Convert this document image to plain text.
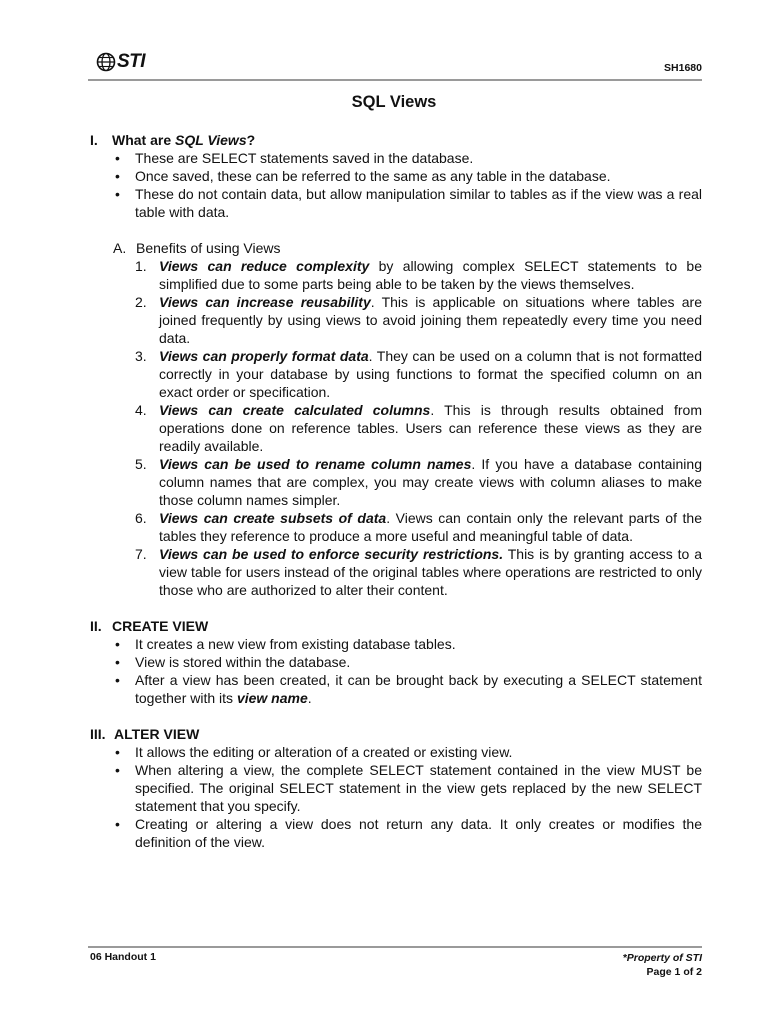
STI	SH1680
SQL Views
I.	What are SQL Views?
• These are SELECT statements saved in the database.
• Once saved, these can be referred to the same as any table in the database.
• These do not contain data, but allow manipulation similar to tables as if the view was a real table with data.
A. Benefits of using Views
1. Views can reduce complexity by allowing complex SELECT statements to be simplified due to some parts being able to be taken by the views themselves.
2. Views can increase reusability. This is applicable on situations where tables are joined frequently by using views to avoid joining them repeatedly every time you need data.
3. Views can properly format data. They can be used on a column that is not formatted correctly in your database by using functions to format the specified column on an exact order or specification.
4. Views can create calculated columns. This is through results obtained from operations done on reference tables. Users can reference these views as they are readily available.
5. Views can be used to rename column names. If you have a database containing column names that are complex, you may create views with column aliases to make those column names simpler.
6. Views can create subsets of data. Views can contain only the relevant parts of the tables they reference to produce a more useful and meaningful table of data.
7. Views can be used to enforce security restrictions. This is by granting access to a view table for users instead of the original tables where operations are restricted to only those who are authorized to alter their content.
II. CREATE VIEW
• It creates a new view from existing database tables.
• View is stored within the database.
• After a view has been created, it can be brought back by executing a SELECT statement together with its view name.
III. ALTER VIEW
• It allows the editing or alteration of a created or existing view.
• When altering a view, the complete SELECT statement contained in the view MUST be specified. The original SELECT statement in the view gets replaced by the new SELECT statement that you specify.
• Creating or altering a view does not return any data. It only creates or modifies the definition of the view.
06 Handout 1	*Property of STI
Page 1 of 2
